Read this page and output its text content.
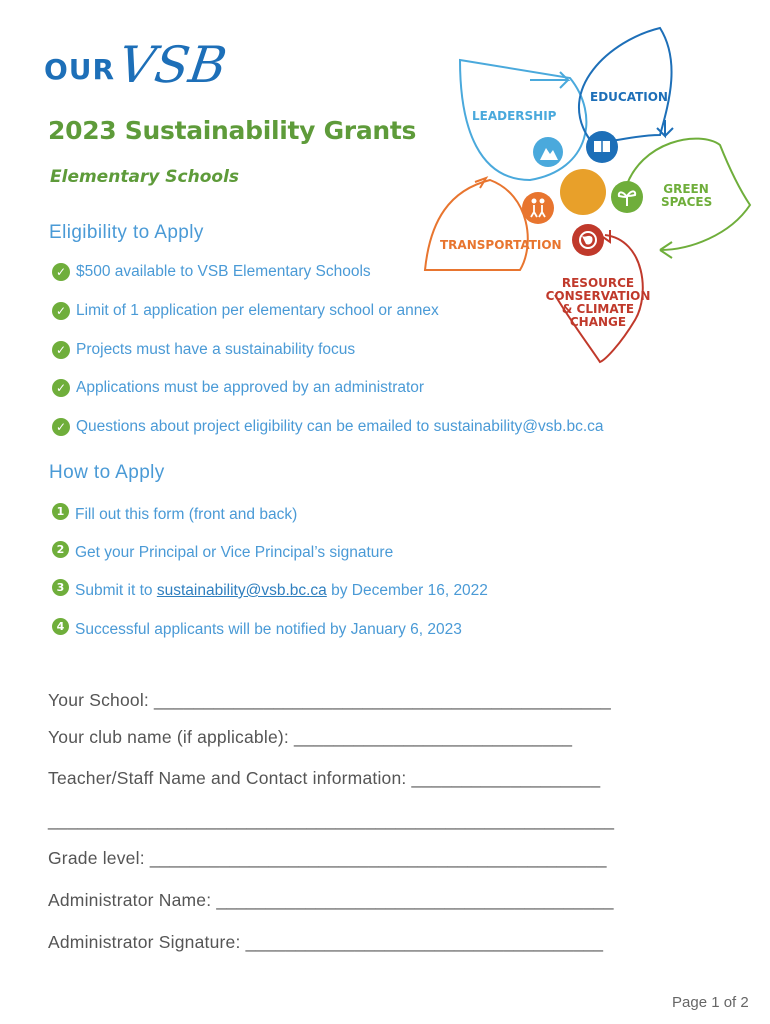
OUR VSB
2023 Sustainability Grants
Elementary Schools
LEADERSHIP
EDUCATION
GREEN SPACES
TRANSPORTATION
RESOURCE CONSERVATION & CLIMATE CHANGE
Eligibility to Apply
✓ $500 available to VSB Elementary Schools
✓ Limit of 1 application per elementary school or annex
✓ Projects must have a sustainability focus
✓ Applications must be approved by an administrator
✓ Questions about project eligibility can be emailed to sustainability@vsb.bc.ca
How to Apply
1 Fill out this form (front and back)
2 Get your Principal or Vice Principal’s signature
3 Submit it to sustainability@vsb.bc.ca by December 16, 2022
4 Successful applicants will be notified by January 6, 2023
Your School: ______________________________________________
Your club name (if applicable): ____________________________
Teacher/Staff Name and Contact information: ___________________
_________________________________________________________
Grade level: ______________________________________________
Administrator Name: ________________________________________
Administrator Signature: ____________________________________
Page 1 of 2
